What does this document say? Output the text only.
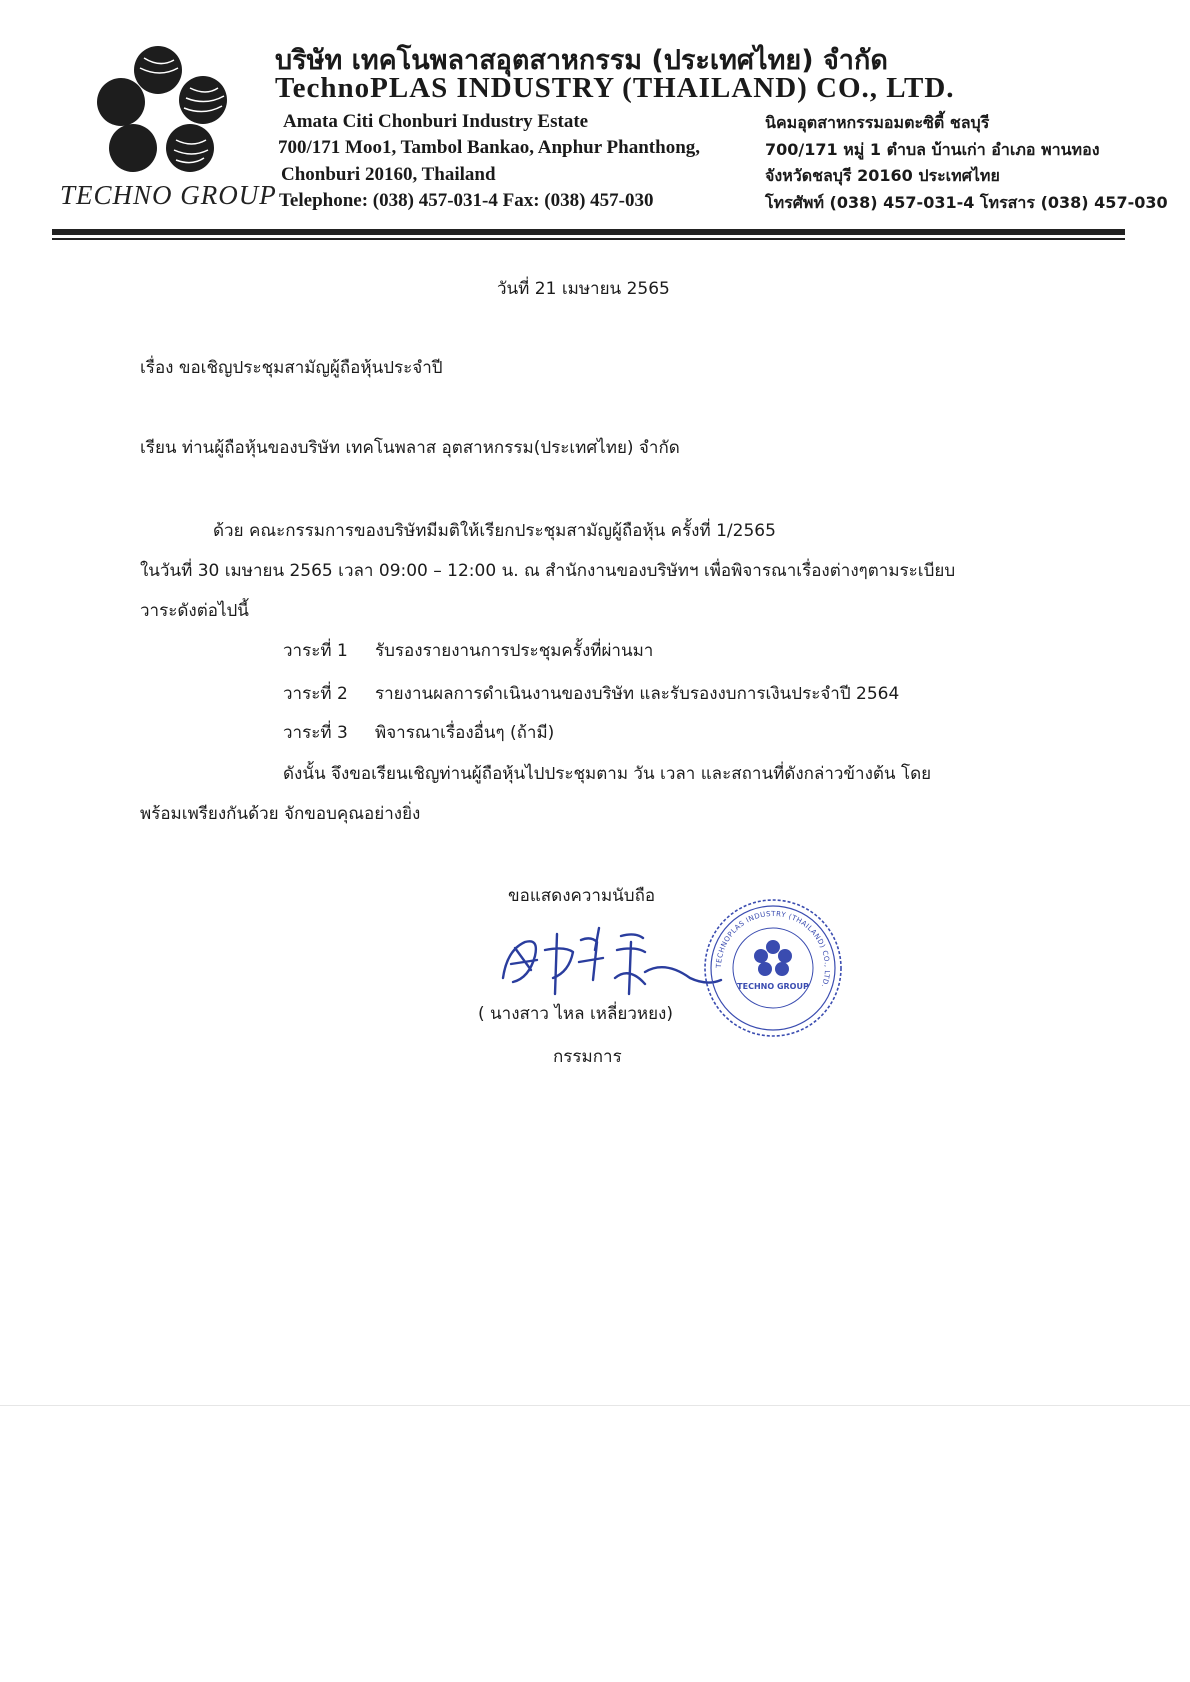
TECHNO GROUP
บริษัท เทคโนพลาสอุตสาหกรรม (ประเทศไทย) จำกัด
TechnoPLAS INDUSTRY (THAILAND) CO., LTD.
Amata Citi Chonburi Industry Estate
700/171 Moo1, Tambol Bankao, Anphur Phanthong,
Chonburi 20160, Thailand
Telephone: (038) 457-031-4 Fax: (038) 457-030
นิคมอุตสาหกรรมอมตะซิตี้ ชลบุรี
700/171 หมู่ 1 ตำบล บ้านเก่า อำเภอ พานทอง
จังหวัดชลบุรี 20160 ประเทศไทย
โทรศัพท์ (038) 457-031-4 โทรสาร (038) 457-030
วันที่ 21 เมษายน 2565
เรื่อง ขอเชิญประชุมสามัญผู้ถือหุ้นประจำปี
เรียน ท่านผู้ถือหุ้นของบริษัท เทคโนพลาส อุตสาหกรรม(ประเทศไทย) จำกัด
ด้วย คณะกรรมการของบริษัทมีมติให้เรียกประชุมสามัญผู้ถือหุ้น ครั้งที่ 1/2565
ในวันที่ 30 เมษายน 2565 เวลา 09:00 – 12:00 น. ณ สำนักงานของบริษัทฯ เพื่อพิจารณาเรื่องต่างๆตามระเบียบ
วาระดังต่อไปนี้
วาระที่ 1 รับรองรายงานการประชุมครั้งที่ผ่านมา
วาระที่ 2 รายงานผลการดำเนินงานของบริษัท และรับรองงบการเงินประจำปี 2564
วาระที่ 3 พิจารณาเรื่องอื่นๆ (ถ้ามี)
ดังนั้น จึงขอเรียนเชิญท่านผู้ถือหุ้นไปประชุมตาม วัน เวลา และสถานที่ดังกล่าวข้างต้น โดย
พร้อมเพรียงกันด้วย จักขอบคุณอย่างยิ่ง
ขอแสดงความนับถือ
( นางสาว ไหล เหลี่ยวหยง)
กรรมการ
TECHNOPLAS INDUSTRY (THAILAND) CO., LTD.
TECHNO GROUP
